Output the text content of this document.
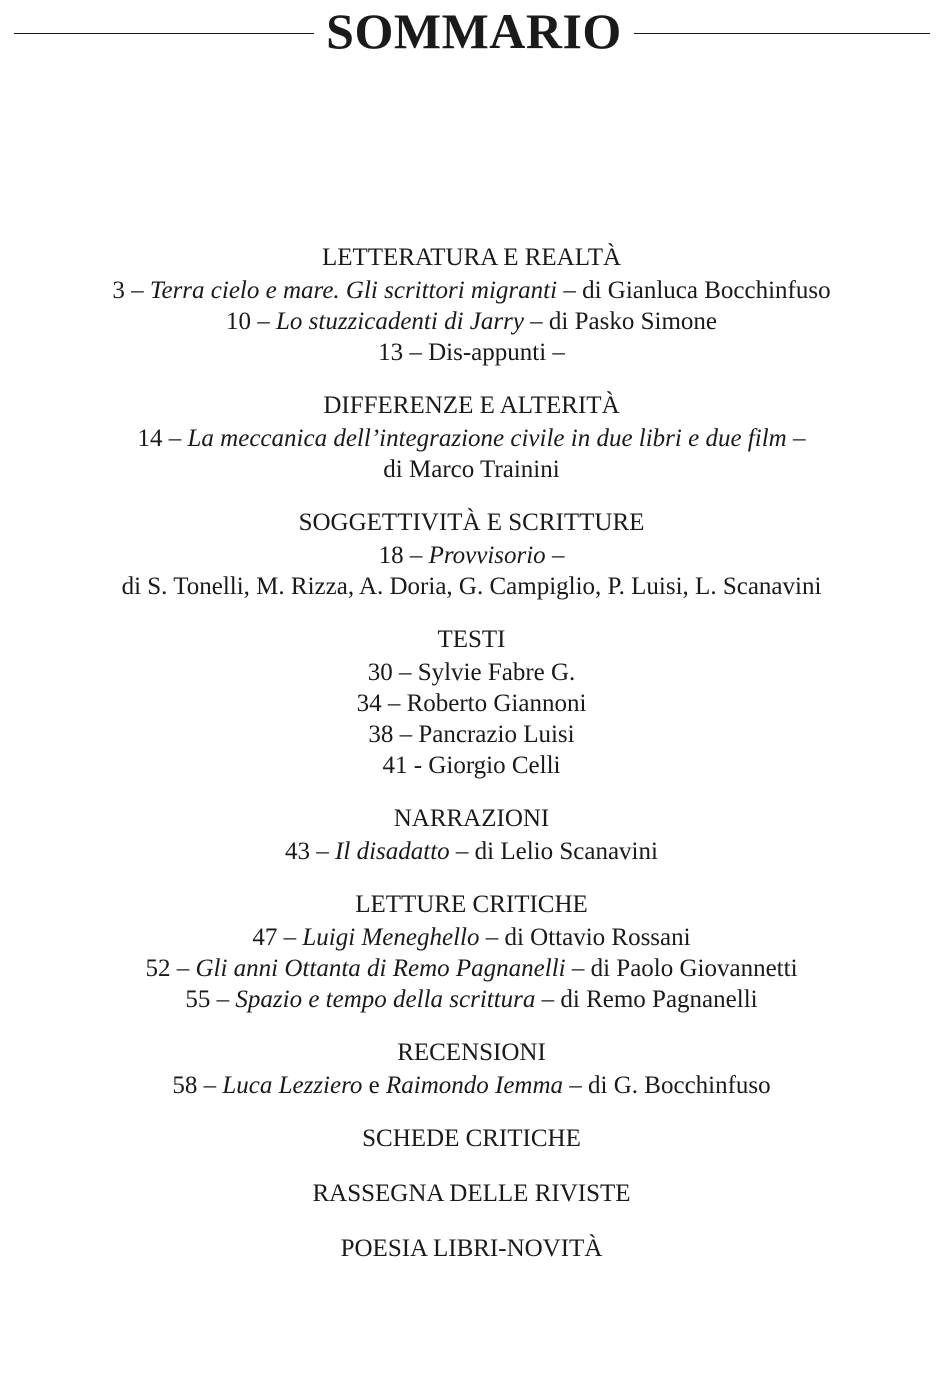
SOMMARIO
LETTERATURA E REALTÀ
3 – Terra cielo e mare. Gli scrittori migranti – di Gianluca Bocchinfuso
10 – Lo stuzzicadenti di Jarry – di Pasko Simone
13 – Dis-appunti –
DIFFERENZE E ALTERITÀ
14 – La meccanica dell’integrazione civile in due libri e due film –
di Marco Trainini
SOGGETTIVITÀ E SCRITTURE
18 – Provvisorio –
di S. Tonelli, M. Rizza, A. Doria, G. Campiglio, P. Luisi, L. Scanavini
TESTI
30 – Sylvie Fabre G.
34 – Roberto Giannoni
38 – Pancrazio Luisi
41 - Giorgio Celli
NARRAZIONI
43 – Il disadatto – di Lelio Scanavini
LETTURE CRITICHE
47 – Luigi Meneghello – di Ottavio Rossani
52 – Gli anni Ottanta di Remo Pagnanelli – di Paolo Giovannetti
55 – Spazio e tempo della scrittura – di Remo Pagnanelli
RECENSIONI
58 – Luca Lezziero e Raimondo Iemma – di G. Bocchinfuso
SCHEDE CRITICHE
RASSEGNA DELLE RIVISTE
POESIA LIBRI-NOVITÀ
